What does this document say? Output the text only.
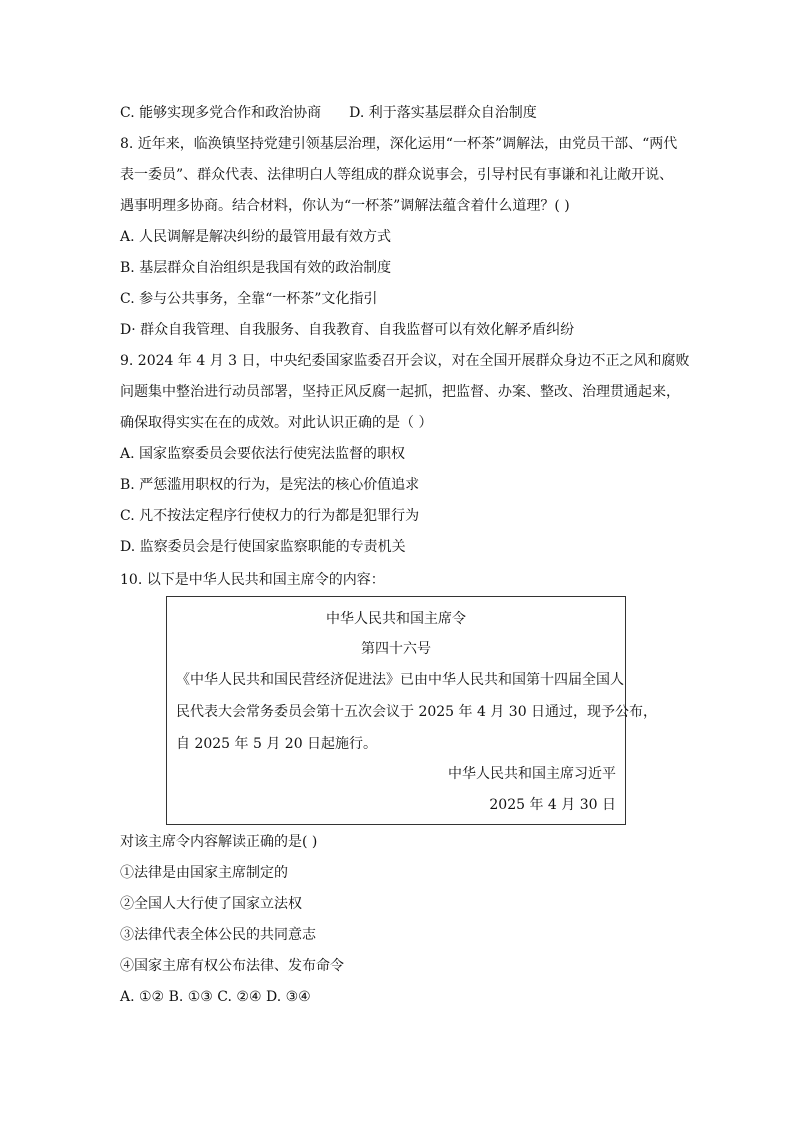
C. 能够实现多党合作和政治协商 D. 利于落实基层群众自治制度
8. 近年来，临涣镇坚持党建引领基层治理，深化运用“一杯茶”调解法，由党员干部、“两代
表一委员”、群众代表、法律明白人等组成的群众说事会，引导村民有事谦和礼让敞开说、
遇事明理多协商。结合材料，你认为“一杯茶”调解法蕴含着什么道理？( )
A. 人民调解是解决纠纷的最管用最有效方式
B. 基层群众自治组织是我国有效的政治制度
C. 参与公共事务，全靠“一杯茶”文化指引
D· 群众自我管理、自我服务、自我教育、自我监督可以有效化解矛盾纠纷
9. 2024 年 4 月 3 日，中央纪委国家监委召开会议，对在全国开展群众身边不正之风和腐败
问题集中整治进行动员部署，坚持正风反腐一起抓，把监督、办案、整改、治理贯通起来，
确保取得实实在在的成效。对此认识正确的是（ ）
A. 国家监察委员会要依法行使宪法监督的职权
B. 严惩滥用职权的行为，是宪法的核心价值追求
C. 凡不按法定程序行使权力的行为都是犯罪行为
D. 监察委员会是行使国家监察职能的专责机关
10. 以下是中华人民共和国主席令的内容：
中华人民共和国主席令
第四十六号
《中华人民共和国民营经济促进法》已由中华人民共和国第十四届全国人
民代表大会常务委员会第十五次会议于 2025 年 4 月 30 日通过，现予公布，
自 2025 年 5 月 20 日起施行。
中华人民共和国主席习近平
2025 年 4 月 30 日
对该主席令内容解读正确的是( )
①法律是由国家主席制定的
②全国人大行使了国家立法权
③法律代表全体公民的共同意志
④国家主席有权公布法律、发布命令
A. ①② B. ①③ C. ②④ D. ③④
